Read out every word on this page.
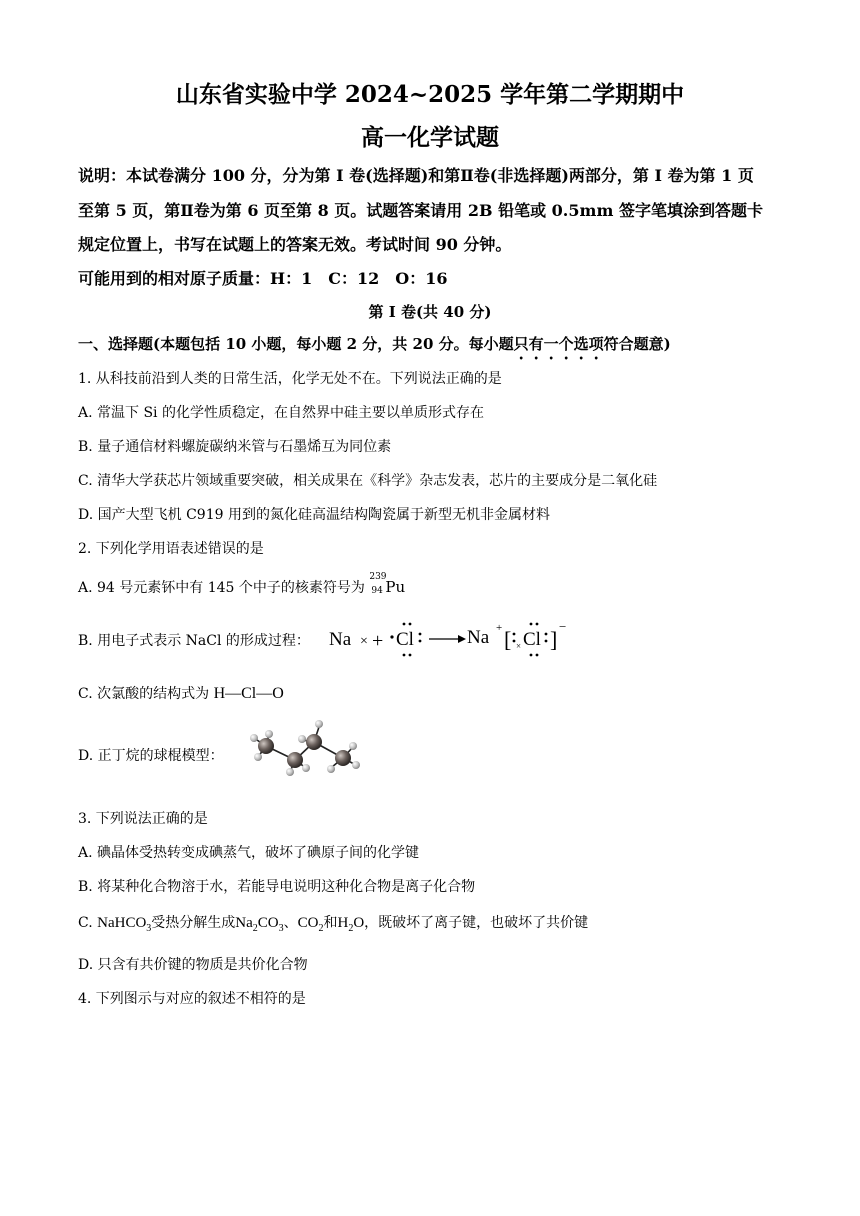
山东省实验中学 2024~2025 学年第二学期期中
高一化学试题
说明：本试卷满分 100 分，分为第 I 卷(选择题)和第Ⅱ卷(非选择题)两部分，第 I 卷为第 1 页
至第 5 页，第Ⅱ卷为第 6 页至第 8 页。试题答案请用 2B 铅笔或 0.5mm 签字笔填涂到答题卡
规定位置上，书写在试题上的答案无效。考试时间 90 分钟。
可能用到的相对原子质量：H：1　C：12　O：16
第 I 卷(共 40 分)
一、选择题(本题包括 10 小题，每小题 2 分，共 20 分。每小题只有一个选项符合题意)
1. 从科技前沿到人类的日常生活，化学无处不在。下列说法正确的是
A. 常温下 Si 的化学性质稳定，在自然界中硅主要以单质形式存在
B. 量子通信材料螺旋碳纳米管与石墨烯互为同位素
C. 清华大学获芯片领域重要突破，相关成果在《科学》杂志发表，芯片的主要成分是二氧化硅
D. 国产大型飞机 C919 用到的氮化硅高温结构陶瓷属于新型无机非金属材料
2. 下列化学用语表述错误的是
A. 94 号元素钚中有 145 个中子的核素符号为
239
94 Pu
B. 用电子式表示 NaCl 的形成过程： Na × + Cl	Na + [ × Cl ]
−
C. 次氯酸的结构式为 H—Cl—O
D. 正丁烷的球棍模型：
3. 下列说法正确的是
A. 碘晶体受热转变成碘蒸气，破坏了碘原子间的化学键
B. 将某种化合物溶于水，若能导电说明这种化合物是离子化合物
C. NaHCO$_3$受热分解生成$Na_2CO_3$、$CO_2$和$H_2O$，既破坏了离子键，也破坏了共价键
D. 只含有共价键的物质是共价化合物
4. 下列图示与对应的叙述不相符的是
